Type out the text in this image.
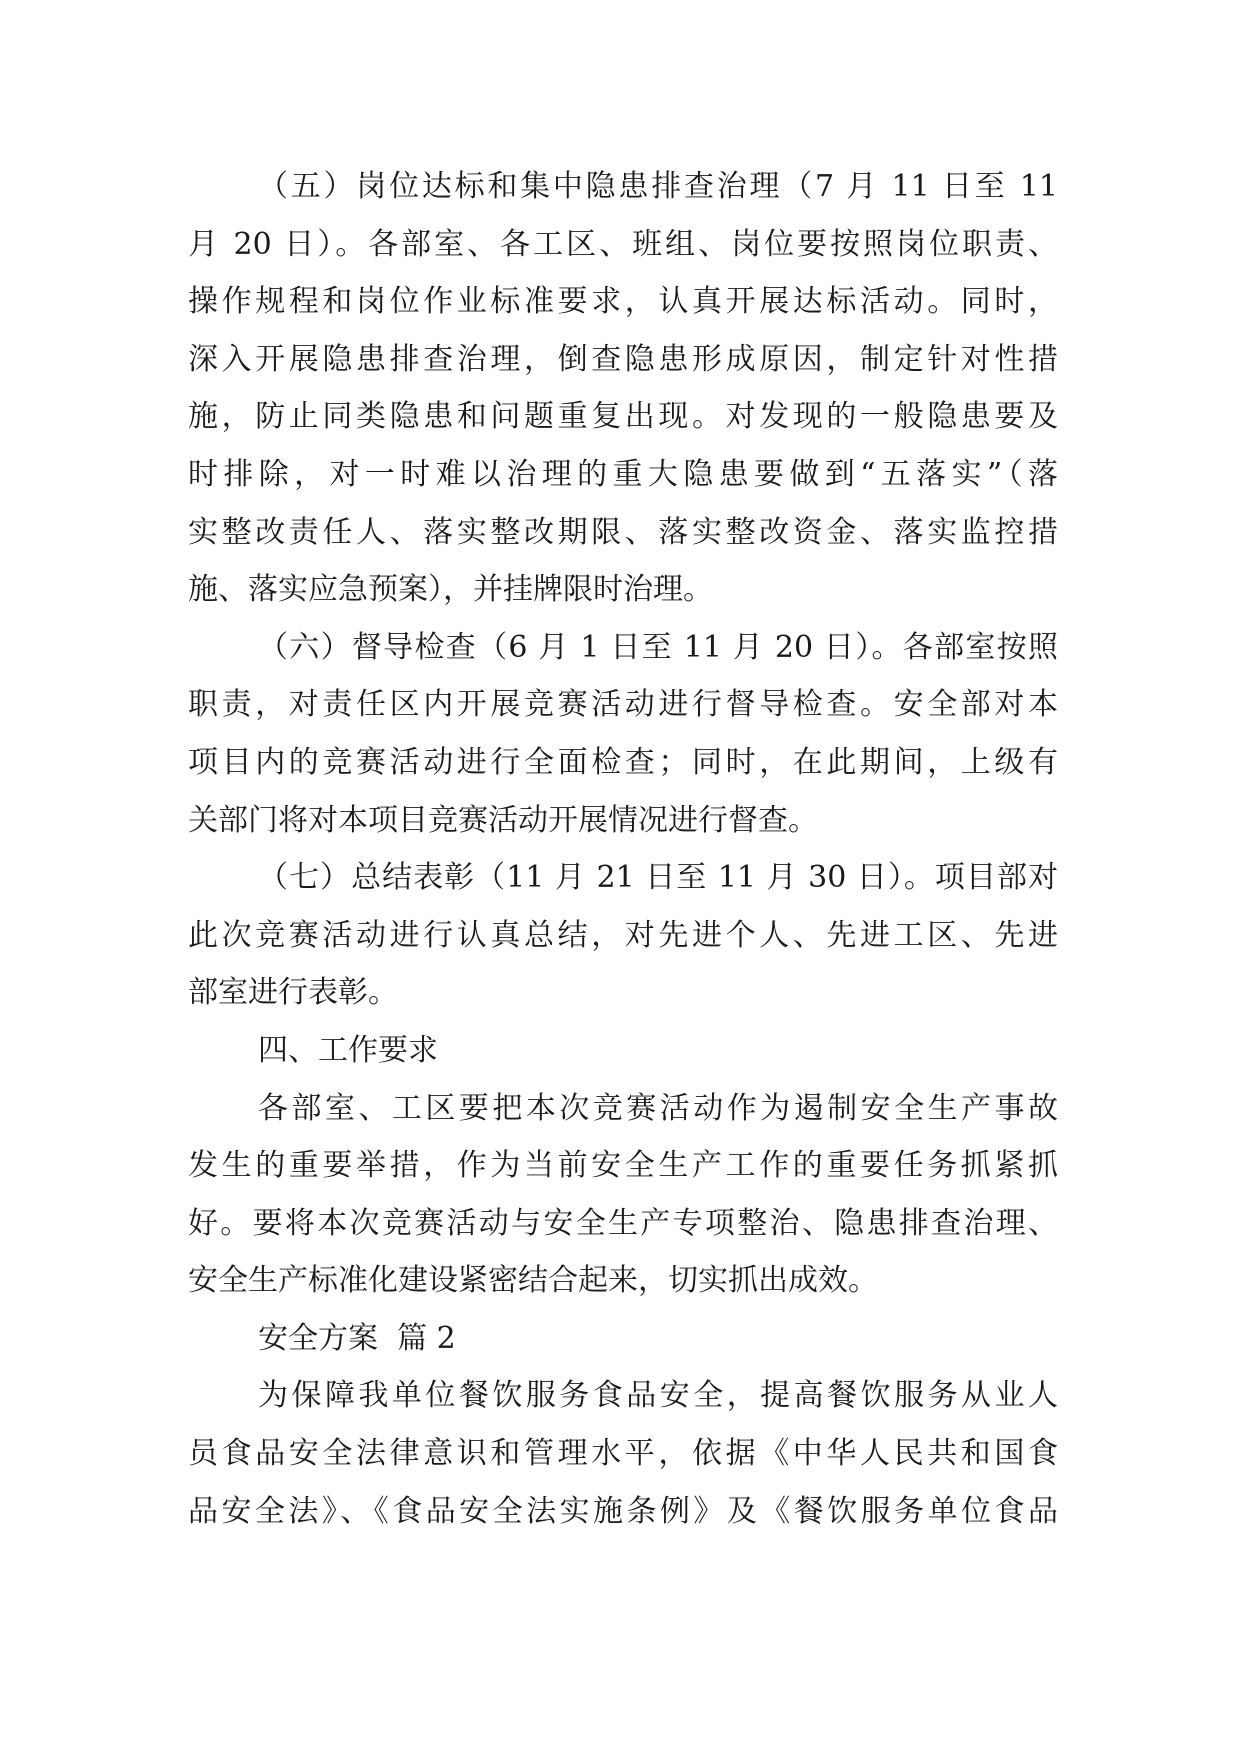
（五）岗位达标和集中隐患排查治理（7 月 11 日至 11
月 20 日）。各部室、各工区、班组、岗位要按照岗位职责、
操作规程和岗位作业标准要求，认真开展达标活动。同时，
深入开展隐患排查治理，倒查隐患形成原因，制定针对性措
施，防止同类隐患和问题重复出现。对发现的一般隐患要及
时排除，对一时难以治理的重大隐患要做到“五落实”（落
实整改责任人、落实整改期限、落实整改资金、落实监控措
施、落实应急预案），并挂牌限时治理。
（六）督导检查（6 月 1 日至 11 月 20 日）。各部室按照
职责，对责任区内开展竞赛活动进行督导检查。安全部对本
项目内的竞赛活动进行全面检查；同时，在此期间，上级有
关部门将对本项目竞赛活动开展情况进行督查。
（七）总结表彰（11 月 21 日至 11 月 30 日）。项目部对
此次竞赛活动进行认真总结，对先进个人、先进工区、先进
部室进行表彰。
四、工作要求
各部室、工区要把本次竞赛活动作为遏制安全生产事故
发生的重要举措，作为当前安全生产工作的重要任务抓紧抓
好。要将本次竞赛活动与安全生产专项整治、隐患排查治理、
安全生产标准化建设紧密结合起来，切实抓出成效。
安全方案  篇 2
为保障我单位餐饮服务食品安全，提高餐饮服务从业人
员食品安全法律意识和管理水平，依据《中华人民共和国食
品安全法》、《食品安全法实施条例》及《餐饮服务单位食品
